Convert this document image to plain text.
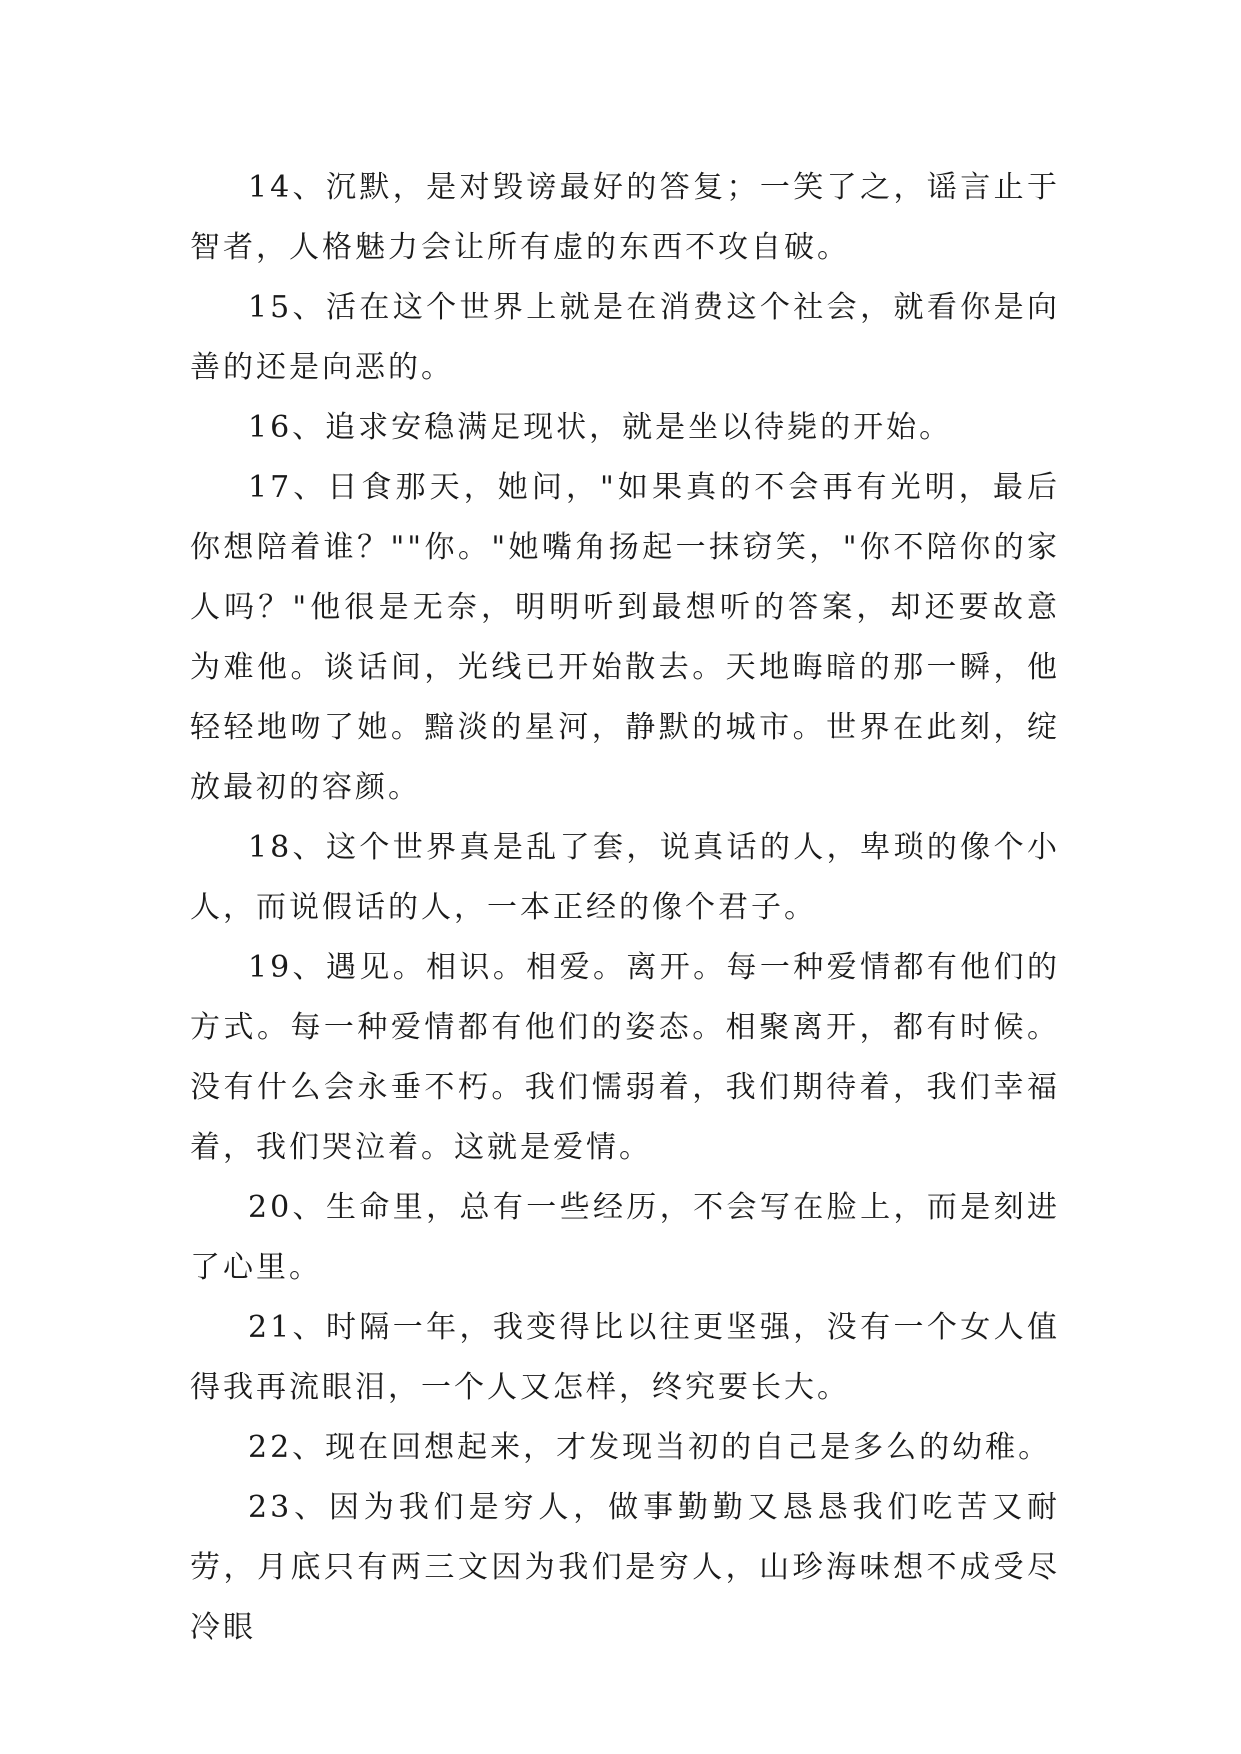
14、沉默，是对毁谤最好的答复；一笑了之，谣言止于智者，人格魅力会让所有虚的东西不攻自破。

15、活在这个世界上就是在消费这个社会，就看你是向善的还是向恶的。

16、追求安稳满足现状，就是坐以待毙的开始。

17、日食那天，她问，"如果真的不会再有光明，最后你想陪着谁？""你。"她嘴角扬起一抹窃笑，"你不陪你的家人吗？"他很是无奈，明明听到最想听的答案，却还要故意为难他。谈话间，光线已开始散去。天地晦暗的那一瞬，他轻轻地吻了她。黯淡的星河，静默的城市。世界在此刻，绽放最初的容颜。

18、这个世界真是乱了套，说真话的人，卑琐的像个小人，而说假话的人，一本正经的像个君子。

19、遇见。相识。相爱。离开。每一种爱情都有他们的方式。每一种爱情都有他们的姿态。相聚离开，都有时候。没有什么会永垂不朽。我们懦弱着，我们期待着，我们幸福着，我们哭泣着。这就是爱情。

20、生命里，总有一些经历，不会写在脸上，而是刻进了心里。

21、时隔一年，我变得比以往更坚强，没有一个女人值得我再流眼泪，一个人又怎样，终究要长大。

22、现在回想起来，才发现当初的自己是多么的幼稚。

23、因为我们是穷人，做事勤勤又恳恳我们吃苦又耐劳，月底只有两三文因为我们是穷人，山珍海味想不成受尽冷眼
